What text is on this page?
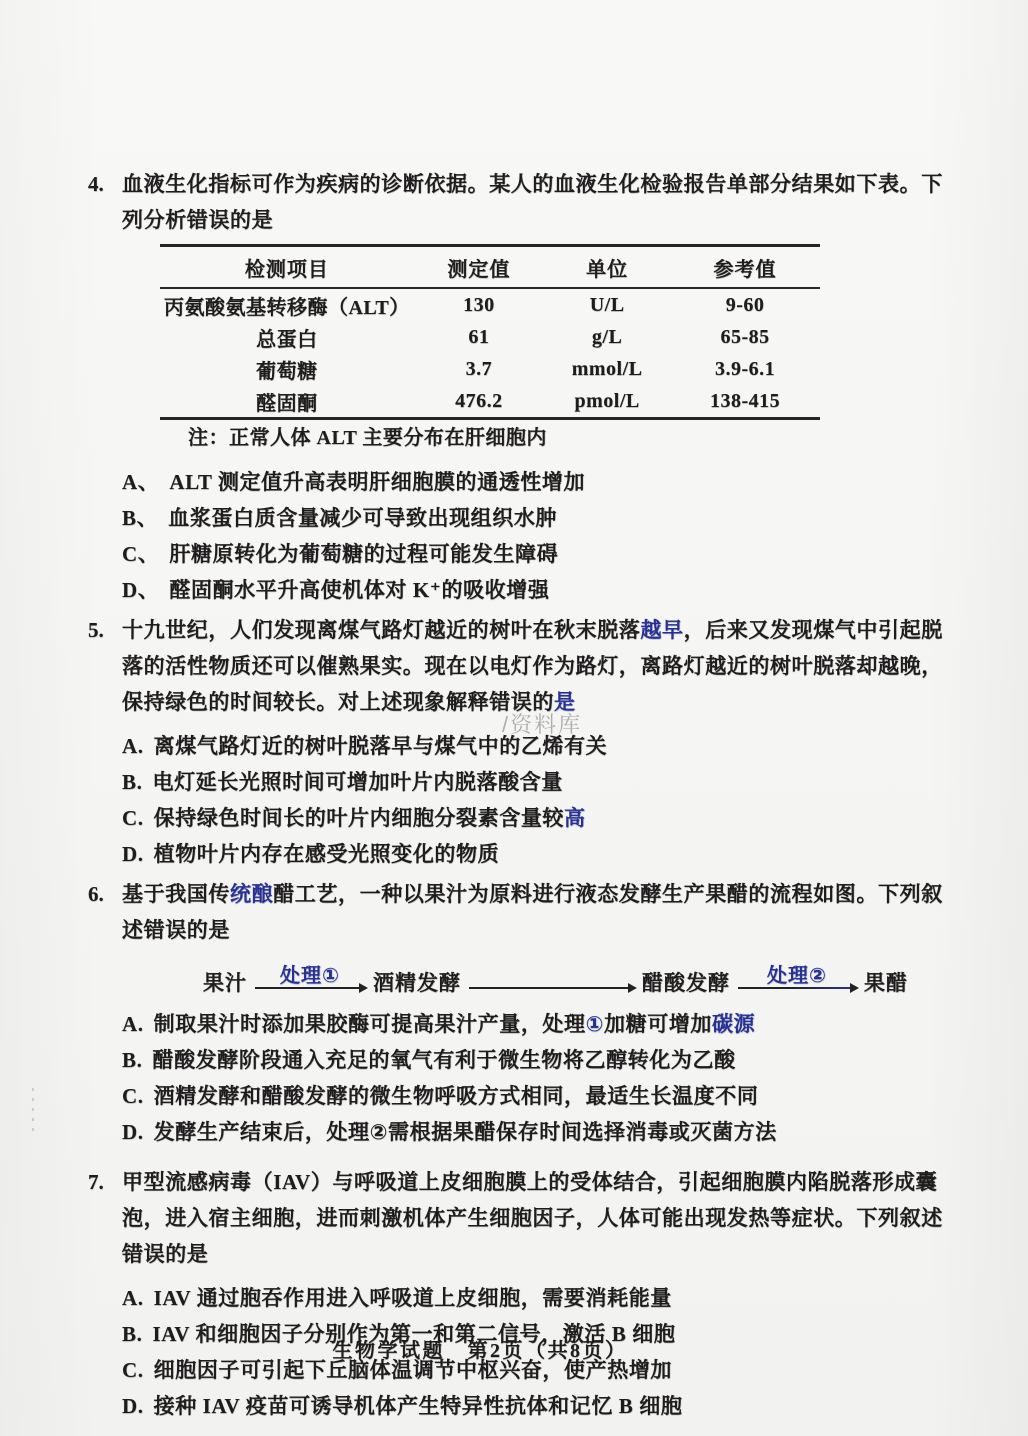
/资料库
4. 血液生化指标可作为疾病的诊断依据。某人的血液生化检验报告单部分结果如下表。下
列分析错误的是
检测项目	测定值	单位	参考值
丙氨酸氨基转移酶（ALT）	130	U/L	9-60
总蛋白	61	g/L	65-85
葡萄糖	3.7	mmol/L	3.9-6.1
醛固酮	476.2	pmol/L	138-415
注：正常人体 ALT 主要分布在肝细胞内
A、 ALT 测定值升高表明肝细胞膜的通透性增加
B、 血浆蛋白质含量减少可导致出现组织水肿
C、 肝糖原转化为葡萄糖的过程可能发生障碍
D、 醛固酮水平升高使机体对 K⁺的吸收增强
5. 十九世纪，人们发现离煤气路灯越近的树叶在秋末脱落越早，后来又发现煤气中引起脱
落的活性物质还可以催熟果实。现在以电灯作为路灯，离路灯越近的树叶脱落却越晚，
保持绿色的时间较长。对上述现象解释错误的是
A. 离煤气路灯近的树叶脱落早与煤气中的乙烯有关
B. 电灯延长光照时间可增加叶片内脱落酸含量
C. 保持绿色时间长的叶片内细胞分裂素含量较高
D. 植物叶片内存在感受光照变化的物质
6. 基于我国传统酿醋工艺，一种以果汁为原料进行液态发酵生产果醋的流程如图。下列叙
述错误的是
果汁 处理① 酒精发酵	醋酸发酵 处理② 果醋
A. 制取果汁时添加果胶酶可提高果汁产量，处理①加糖可增加碳源
B. 醋酸发酵阶段通入充足的氧气有利于微生物将乙醇转化为乙酸
C. 酒精发酵和醋酸发酵的微生物呼吸方式相同，最适生长温度不同
D. 发酵生产结束后，处理②需根据果醋保存时间选择消毒或灭菌方法
7. 甲型流感病毒（IAV）与呼吸道上皮细胞膜上的受体结合，引起细胞膜内陷脱落形成囊
泡，进入宿主细胞，进而刺激机体产生细胞因子，人体可能出现发热等症状。下列叙述
错误的是
A. IAV 通过胞吞作用进入呼吸道上皮细胞，需要消耗能量
B. IAV 和细胞因子分别作为第一和第二信号，激活 B 细胞
C. 细胞因子可引起下丘脑体温调节中枢兴奋，使产热增加
D. 接种 IAV 疫苗可诱导机体产生特异性抗体和记忆 B 细胞
生物学试题　第2页（共8页）
